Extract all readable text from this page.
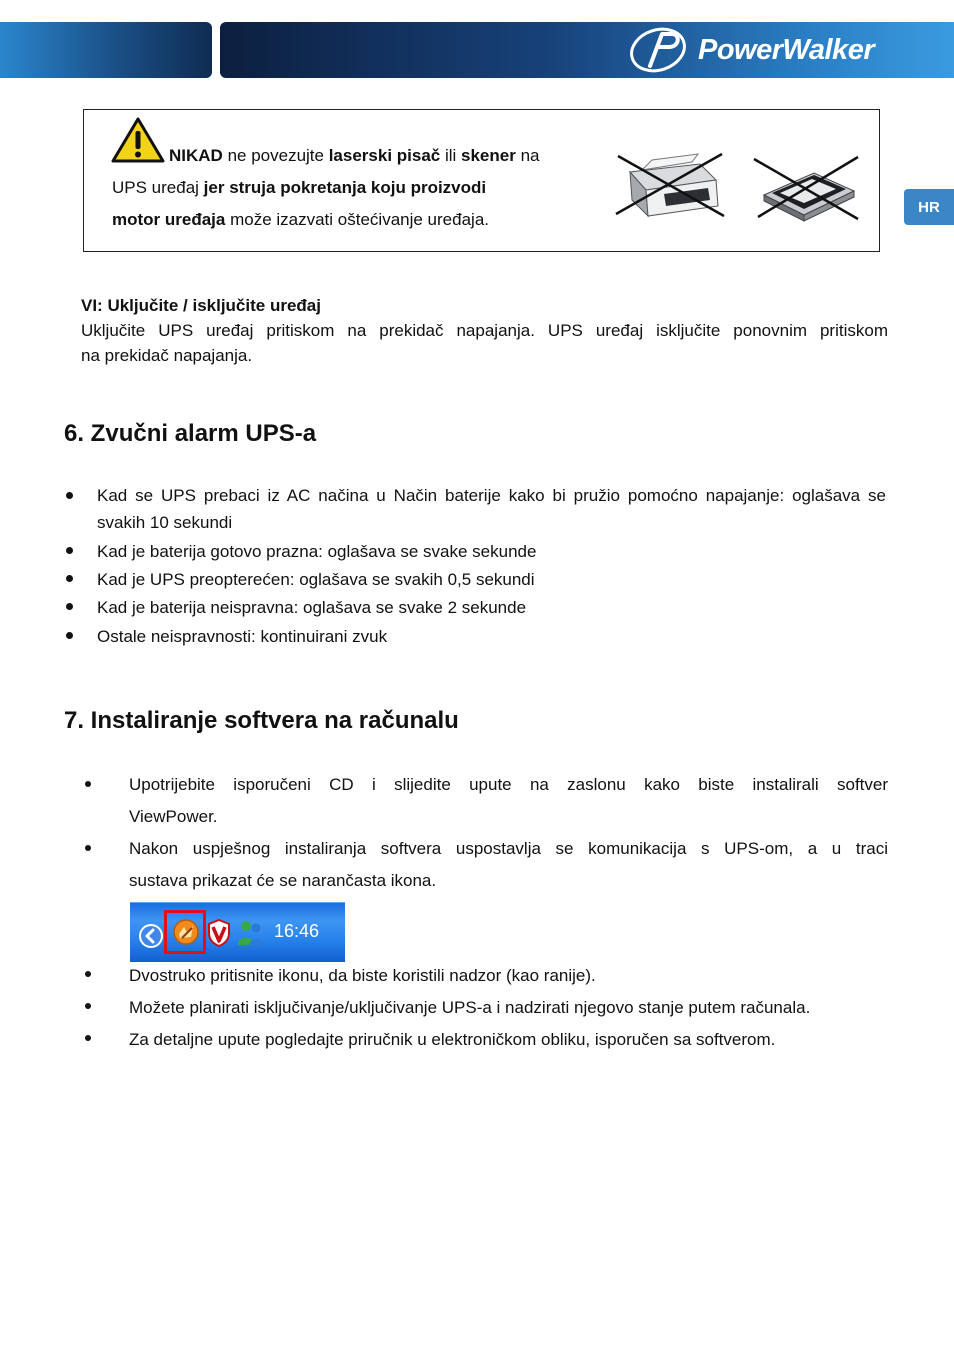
PowerWalker
HR
NIKAD ne povezujte laserski pisač ili skener na
UPS uređaj jer struja pokretanja koju proizvodi
motor uređaja može izazvati oštećivanje uređaja.
VI: Uključite / isključite uređaj
Uključite UPS uređaj pritiskom na prekidač napajanja. UPS uređaj isključite ponovnim pritiskom
na prekidač napajanja.
6. Zvučni alarm UPS-a
Kad se UPS prebaci iz AC načina u Način baterije kako bi pružio pomoćno napajanje: oglašava se
svakih 10 sekundi
Kad je baterija gotovo prazna: oglašava se svake sekunde
Kad je UPS preopterećen: oglašava se svakih 0,5 sekundi
Kad je baterija neispravna: oglašava se svake 2 sekunde
Ostale neispravnosti: kontinuirani zvuk
7. Instaliranje softvera na računalu
Upotrijebite isporučeni CD i slijedite upute na zaslonu kako biste instalirali softver
ViewPower.
Nakon uspješnog instaliranja softvera uspostavlja se komunikacija s UPS-om, a u traci
sustava prikazat će se narančasta ikona.
16:46
Dvostruko pritisnite ikonu, da biste koristili nadzor (kao ranije).
Možete planirati isključivanje/uključivanje UPS-a i nadzirati njegovo stanje putem računala.
Za detaljne upute pogledajte priručnik u elektroničkom obliku, isporučen sa softverom.
